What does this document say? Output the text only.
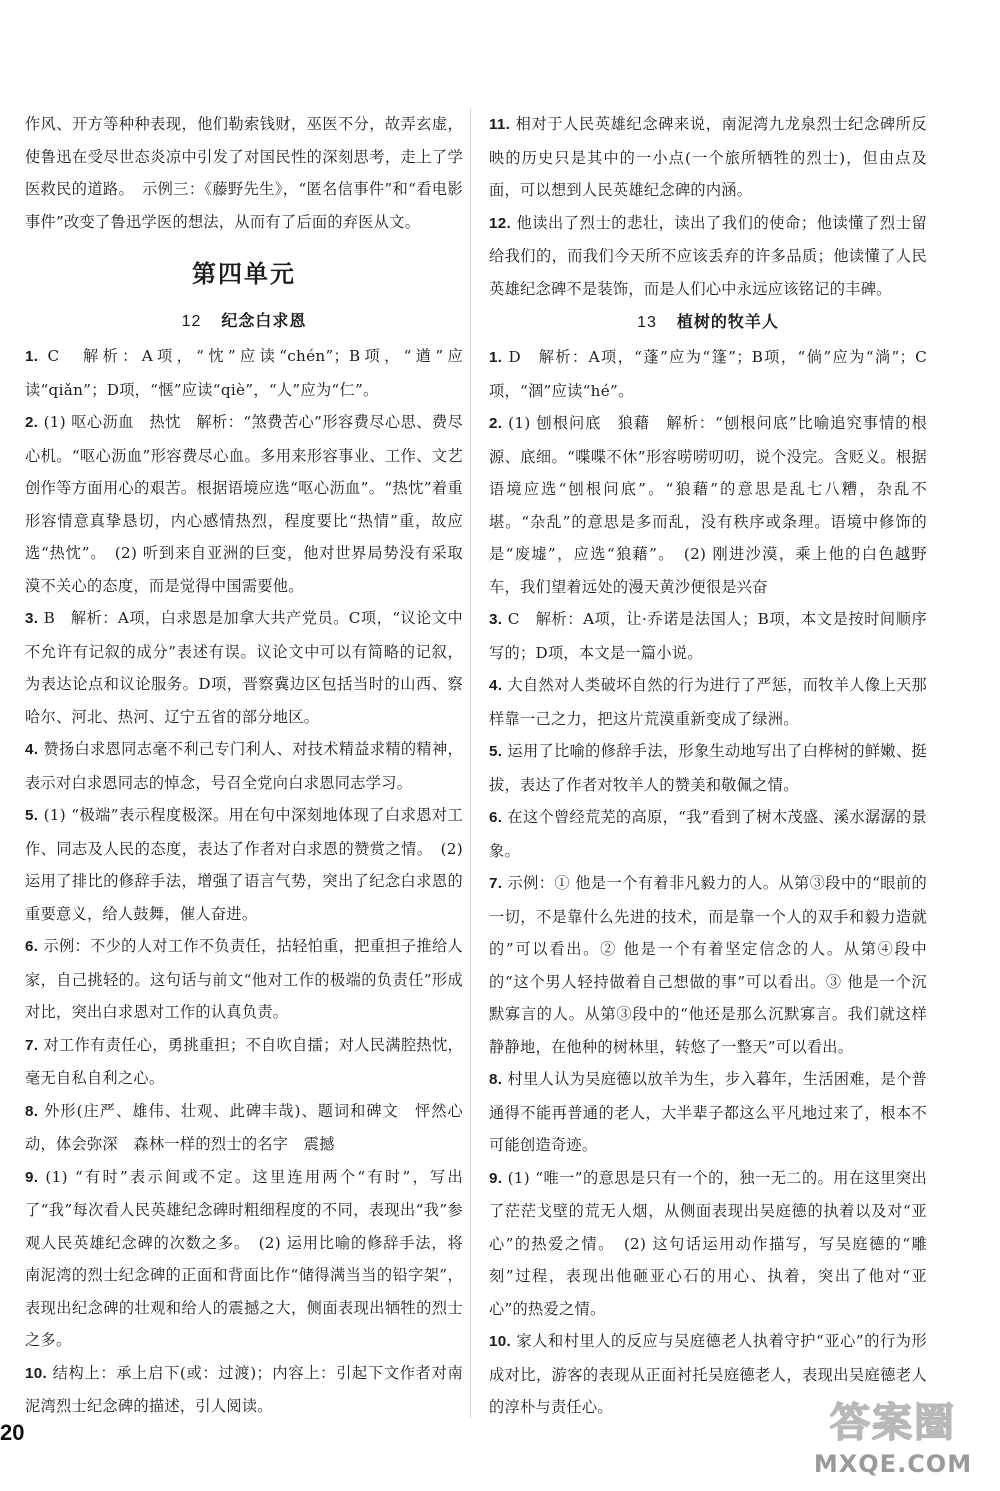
作风、开方等种种表现，他们勒索钱财，巫医不分，故弄玄虚，使鲁迅在受尽世态炎凉中引发了对国民性的深刻思考，走上了学医救民的道路。　示例三：《藤野先生》，“匿名信事件”和“看电影事件”改变了鲁迅学医的想法，从而有了后面的弃医从文。

第四单元
12 纪念白求恩

1. C　解析：A项，“忱”应读“chén”；B项，“遒”应读“qiǎn”；D项，“惬”应读“qiè”，“人”应为“仁”。

2. (1) 呕心沥血　热忱　解析：“煞费苦心”形容费尽心思、费尽心机。“呕心沥血”形容费尽心血。多用来形容事业、工作、文艺创作等方面用心的艰苦。根据语境应选“呕心沥血”。“热忱”着重形容情意真挚恳切，内心感情热烈，程度要比“热情”重，故应选“热忱”。　(2) 听到来自亚洲的巨变，他对世界局势没有采取漠不关心的态度，而是觉得中国需要他。

3. B　解析：A项，白求恩是加拿大共产党员。C项，“议论文中不允许有记叙的成分”表述有误。议论文中可以有简略的记叙，为表达论点和议论服务。D项，晋察冀边区包括当时的山西、察哈尔、河北、热河、辽宁五省的部分地区。

4. 赞扬白求恩同志毫不利己专门利人、对技术精益求精的精神，表示对白求恩同志的悼念，号召全党向白求恩同志学习。

5. (1) “极端”表示程度极深。用在句中深刻地体现了白求恩对工作、同志及人民的态度，表达了作者对白求恩的赞赏之情。　(2) 运用了排比的修辞手法，增强了语言气势，突出了纪念白求恩的重要意义，给人鼓舞，催人奋进。

6. 示例：不少的人对工作不负责任，拈轻怕重，把重担子推给人家，自己挑轻的。这句话与前文“他对工作的极端的负责任”形成对比，突出白求恩对工作的认真负责。

7. 对工作有责任心，勇挑重担；不自吹自擂；对人民满腔热忱，毫无自私自利之心。

8. 外形(庄严、雄伟、壮观、此碑丰哉)、题词和碑文　怦然心动，体会弥深　森林一样的烈士的名字　震撼

9. (1) “有时”表示间或不定。这里连用两个“有时”，写出了“我”每次看人民英雄纪念碑时粗细程度的不同，表现出“我”参观人民英雄纪念碑的次数之多。　(2) 运用比喻的修辞手法，将南泥湾的烈士纪念碑的正面和背面比作“储得满当当的铅字架”，表现出纪念碑的壮观和给人的震撼之大，侧面表现出牺牲的烈士之多。

10. 结构上：承上启下(或：过渡)；内容上：引起下文作者对南泥湾烈士纪念碑的描述，引人阅读。

11. 相对于人民英雄纪念碑来说，南泥湾九龙泉烈士纪念碑所反映的历史只是其中的一小点(一个旅所牺牲的烈士)，但由点及面，可以想到人民英雄纪念碑的内涵。

12. 他读出了烈士的悲壮，读出了我们的使命；他读懂了烈士留给我们的，而我们今天所不应该丢弃的许多品质；他读懂了人民英雄纪念碑不是装饰，而是人们心中永远应该铭记的丰碑。

13 植树的牧羊人

1. D　解析：A项，“蓬”应为“篷”；B项，“倘”应为“淌”；C项，“涸”应读“hé”。

2. (1) 刨根问底　狼藉　解析：“刨根问底”比喻追究事情的根源、底细。“喋喋不休”形容唠唠叨叨，说个没完。含贬义。根据语境应选“刨根问底”。“狼藉”的意思是乱七八糟，杂乱不堪。“杂乱”的意思是多而乱，没有秩序或条理。语境中修饰的是“废墟”，应选“狼藉”。　(2) 刚进沙漠，乘上他的白色越野车，我们望着远处的漫天黄沙便很是兴奋

3. C　解析：A项，让·乔诺是法国人；B项，本文是按时间顺序写的；D项，本文是一篇小说。

4. 大自然对人类破坏自然的行为进行了严惩，而牧羊人像上天那样靠一己之力，把这片荒漠重新变成了绿洲。

5. 运用了比喻的修辞手法，形象生动地写出了白桦树的鲜嫩、挺拔，表达了作者对牧羊人的赞美和敬佩之情。

6. 在这个曾经荒芜的高原，“我”看到了树木茂盛、溪水潺潺的景象。

7. 示例：① 他是一个有着非凡毅力的人。从第③段中的“眼前的一切，不是靠什么先进的技术，而是靠一个人的双手和毅力造就的”可以看出。② 他是一个有着坚定信念的人。从第④段中的“这个男人轻持做着自己想做的事”可以看出。③ 他是一个沉默寡言的人。从第③段中的“他还是那么沉默寡言。我们就这样静静地，在他种的树林里，转悠了一整天”可以看出。

8. 村里人认为吴庭德以放羊为生，步入暮年，生活困难，是个普通得不能再普通的老人，大半辈子都这么平凡地过来了，根本不可能创造奇迹。

9. (1) “唯一”的意思是只有一个的，独一无二的。用在这里突出了茫茫戈壁的荒无人烟，从侧面表现出吴庭德的执着以及对“亚心”的热爱之情。　(2) 这句话运用动作描写，写吴庭德的“雕刻”过程，表现出他砸亚心石的用心、执着，突出了他对“亚心”的热爱之情。

10. 家人和村里人的反应与吴庭德老人执着守护“亚心”的行为形成对比，游客的表现从正面衬托吴庭德老人，表现出吴庭德老人的淳朴与责任心。

20	答案圈
MXQE.COM
